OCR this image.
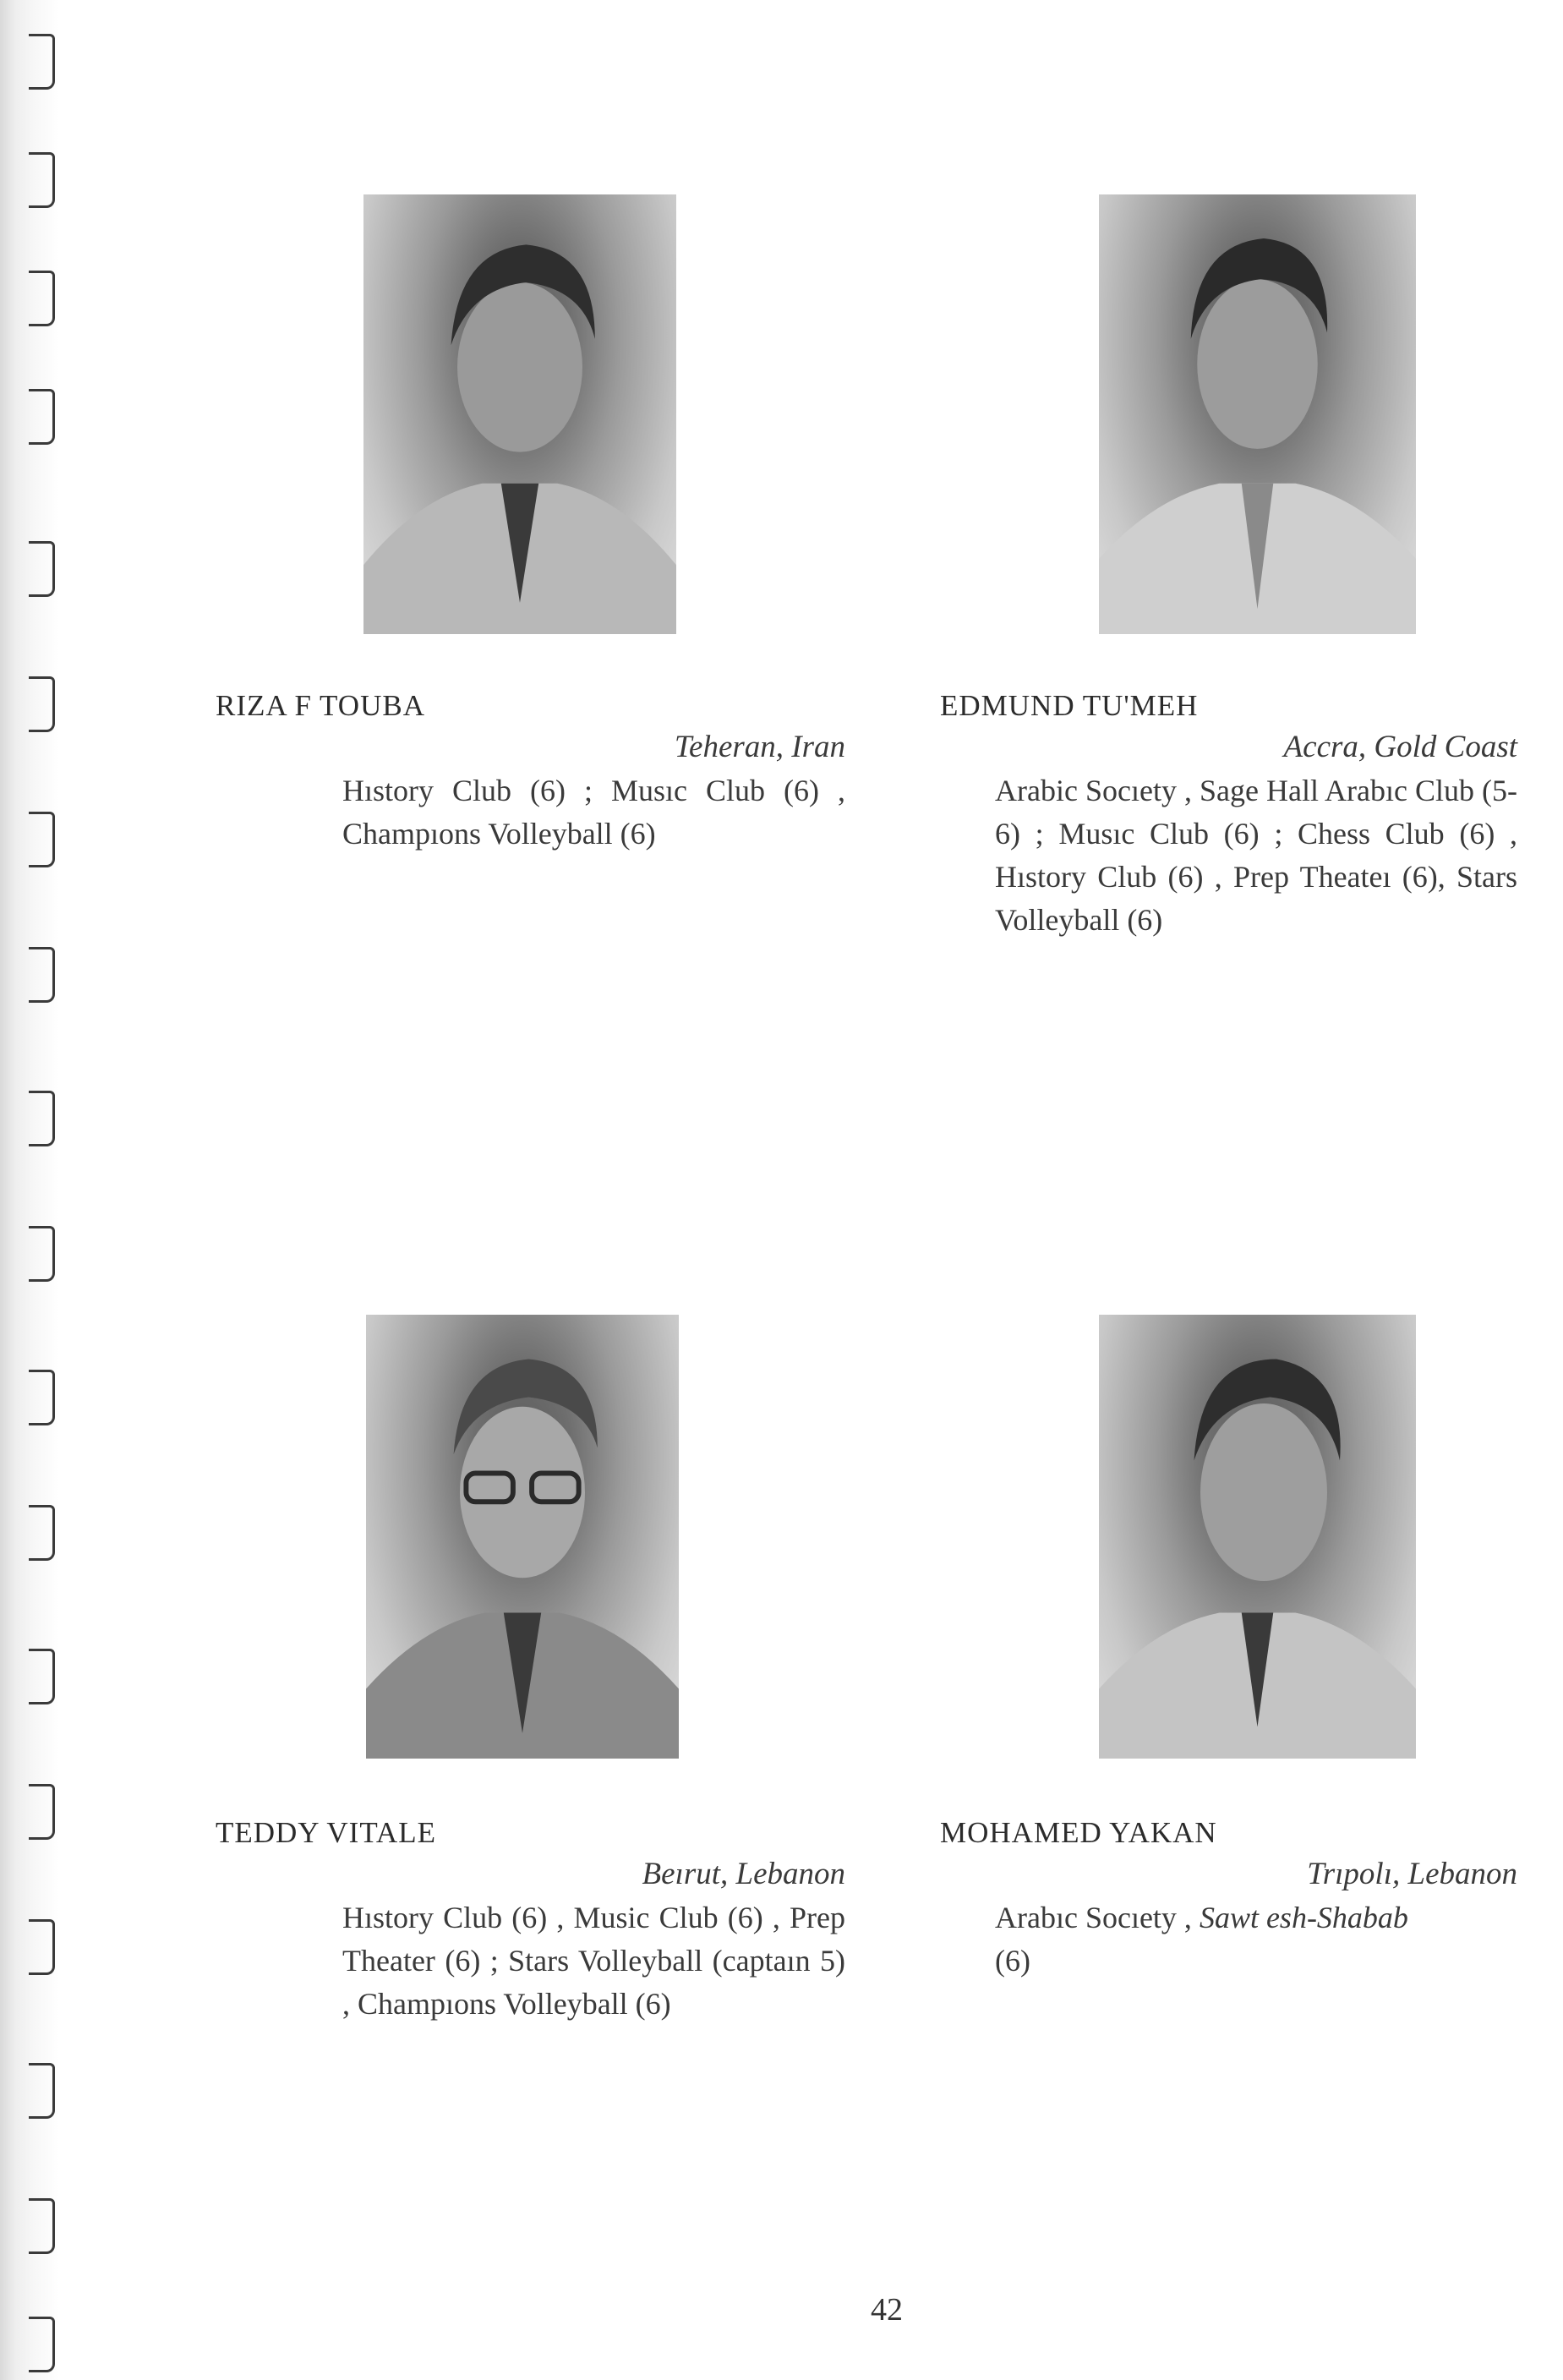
RIZA F TOUBA
Teheran, Iran
Hıstory Club (6) ; Musıc Club (6) , Champıons Volleyball (6)
EDMUND TU'MEH
Accra, Gold Coast
Arabic Socıety , Sage Hall Arabıc Club (5-6) ; Musıc Club (6) ; Chess Club (6) , Hıstory Club (6) , Prep Theateı (6), Stars Volleyball (6)
TEDDY VITALE
Beırut, Lebanon
Hıstory Club (6) , Music Club (6) , Prep Theater (6) ; Stars Volleyball (captaın 5) , Champıons Volleyball (6)
MOHAMED YAKAN
Trıpolı, Lebanon
Arabıc Socıety , Sawt esh-Shabab
(6)
42
